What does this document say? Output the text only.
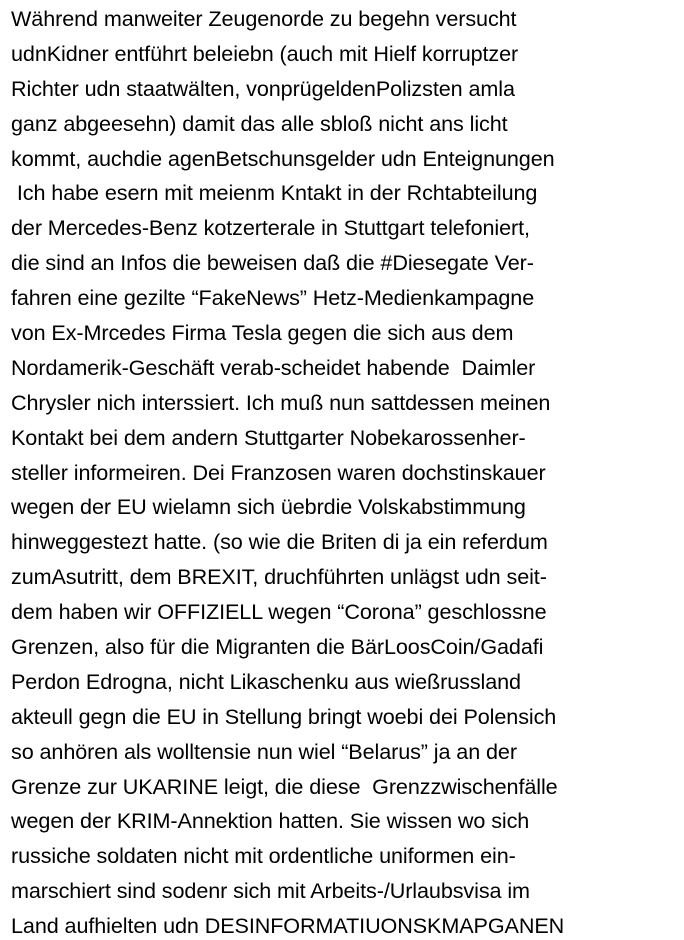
Während manweiter Zeugenorde zu begehn versucht
udnKidner entführt beleiebn (auch mit Hielf korruptzer
Richter udn staatwälten, vonprügeldenPolizsten amla
ganz abgeesehn) damit das alle sbloß nicht ans licht
kommt, auchdie agenBetschunsgelder udn Enteignungen
Ich habe esern mit meienm Kntakt in der Rchtabteilung
der Mercedes-Benz kotzerterale in Stuttgart telefoniert,
die sind an Infos die beweisen daß die #Diesegate Ver-
fahren eine gezilte “FakeNews” Hetz-Medienkampagne
von Ex-Mrcedes Firma Tesla gegen die sich aus dem
Nordamerik-Geschäft verab-scheidet habende  Daimler
Chrysler nich interssiert. Ich muß nun sattdessen meinen
Kontakt bei dem andern Stuttgarter Nobekarossenher-
steller informeiren. Dei Franzosen waren dochstinskauer
wegen der EU wielamn sich üebrdie Volskabstimmung
hinweggestezt hatte. (so wie die Briten di ja ein referdum
zumAsutritt, dem BREXIT, druchführten unlägst udn seit-
dem haben wir OFFIZIELL wegen “Corona” geschlossne
Grenzen, also für die Migranten die BärLoosCoin/Gadafi
Perdon Edrogna, nicht Likaschenku aus wießrussland
akteull gegn die EU in Stellung bringt woebi dei Polensich
so anhören als wolltensie nun wiel “Belarus” ja an der
Grenze zur UKARINE leigt, die diese  Grenzzwischenfälle
wegen der KRIM-Annektion hatten. Sie wissen wo sich
russiche soldaten nicht mit ordentliche uniformen ein-
marschiert sind sodenr sich mit Arbeits-/Urlaubsvisa im
Land aufhielten udn DESINFORMATIUONSKMAPGANEN
